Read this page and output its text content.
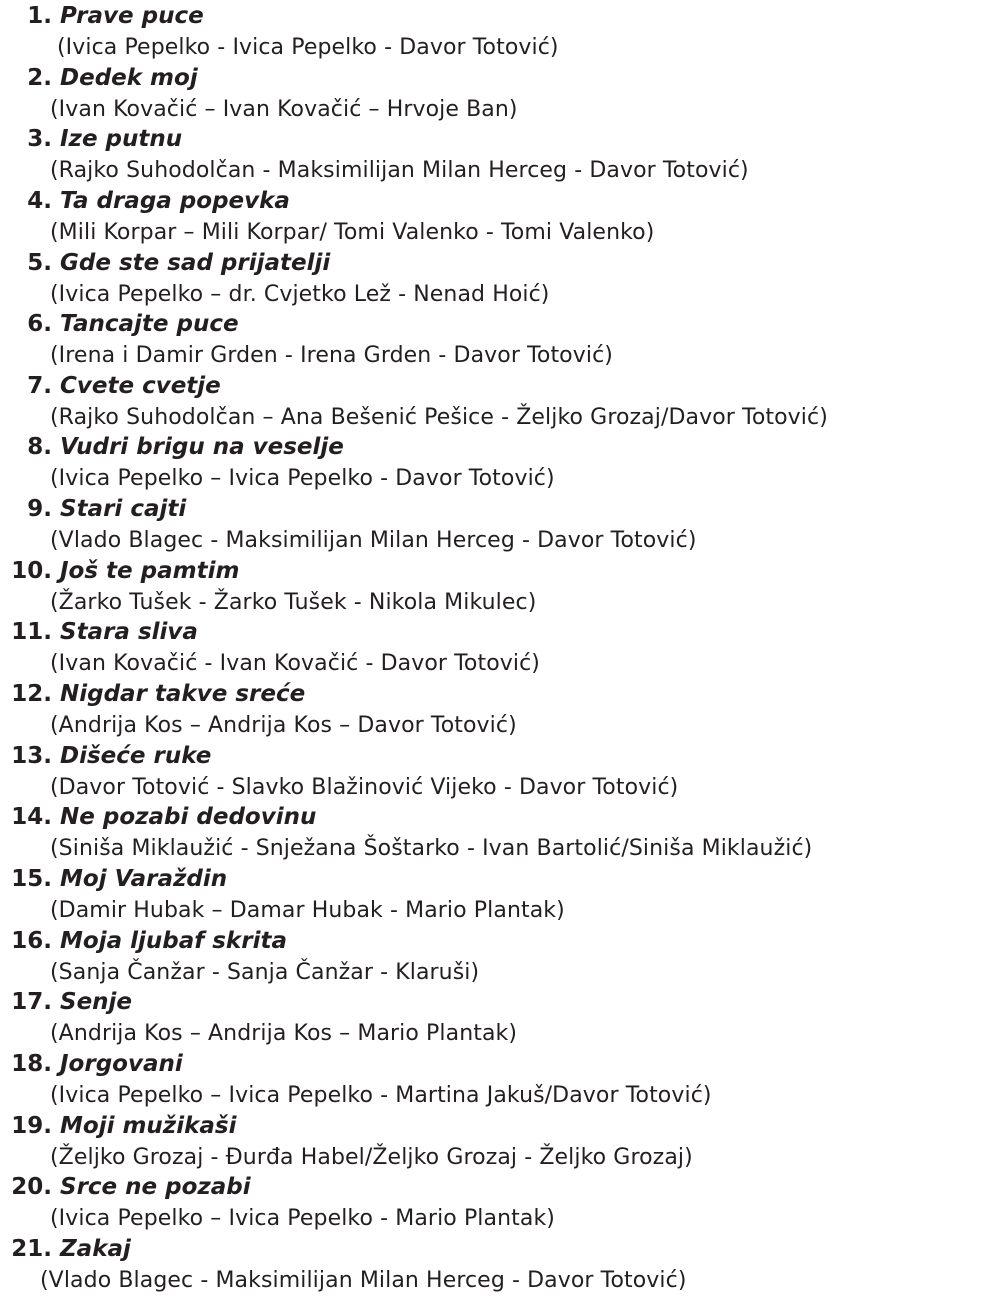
1. Prave puce
(Ivica Pepelko - Ivica Pepelko - Davor Totović)
2. Dedek moj
(Ivan Kovačić – Ivan Kovačić – Hrvoje Ban)
3. Ize putnu
(Rajko Suhodolčan - Maksimilijan Milan Herceg - Davor Totović)
4. Ta draga popevka
(Mili Korpar – Mili Korpar/ Tomi Valenko - Tomi Valenko)
5. Gde ste sad prijatelji
(Ivica Pepelko – dr. Cvjetko Lež - Nenad Hoić)
6. Tancajte puce
(Irena i Damir Grden - Irena Grden - Davor Totović)
7. Cvete cvetje
(Rajko Suhodolčan – Ana Bešenić Pešice - Željko Grozaj/Davor Totović)
8. Vudri brigu na veselje
(Ivica Pepelko – Ivica Pepelko - Davor Totović)
9. Stari cajti
(Vlado Blagec - Maksimilijan Milan Herceg - Davor Totović)
10. Još te pamtim
(Žarko Tušek - Žarko Tušek - Nikola Mikulec)
11. Stara sliva
(Ivan Kovačić - Ivan Kovačić - Davor Totović)
12. Nigdar takve sreće
(Andrija Kos – Andrija Kos – Davor Totović)
13. Dišeće ruke
(Davor Totović - Slavko Blažinović Vijeko - Davor Totović)
14. Ne pozabi dedovinu
(Siniša Miklaužić - Snježana Šoštarko - Ivan Bartolić/Siniša Miklaužić)
15. Moj Varaždin
(Damir Hubak – Damar Hubak - Mario Plantak)
16. Moja ljubaf skrita
(Sanja Čanžar - Sanja Čanžar - Klaruši)
17. Senje
(Andrija Kos – Andrija Kos – Mario Plantak)
18. Jorgovani
(Ivica Pepelko – Ivica Pepelko - Martina Jakuš/Davor Totović)
19. Moji mužikaši
(Željko Grozaj - Đurđa Habel/Željko Grozaj - Željko Grozaj)
20. Srce ne pozabi
(Ivica Pepelko – Ivica Pepelko - Mario Plantak)
21. Zakaj
(Vlado Blagec - Maksimilijan Milan Herceg - Davor Totović)
